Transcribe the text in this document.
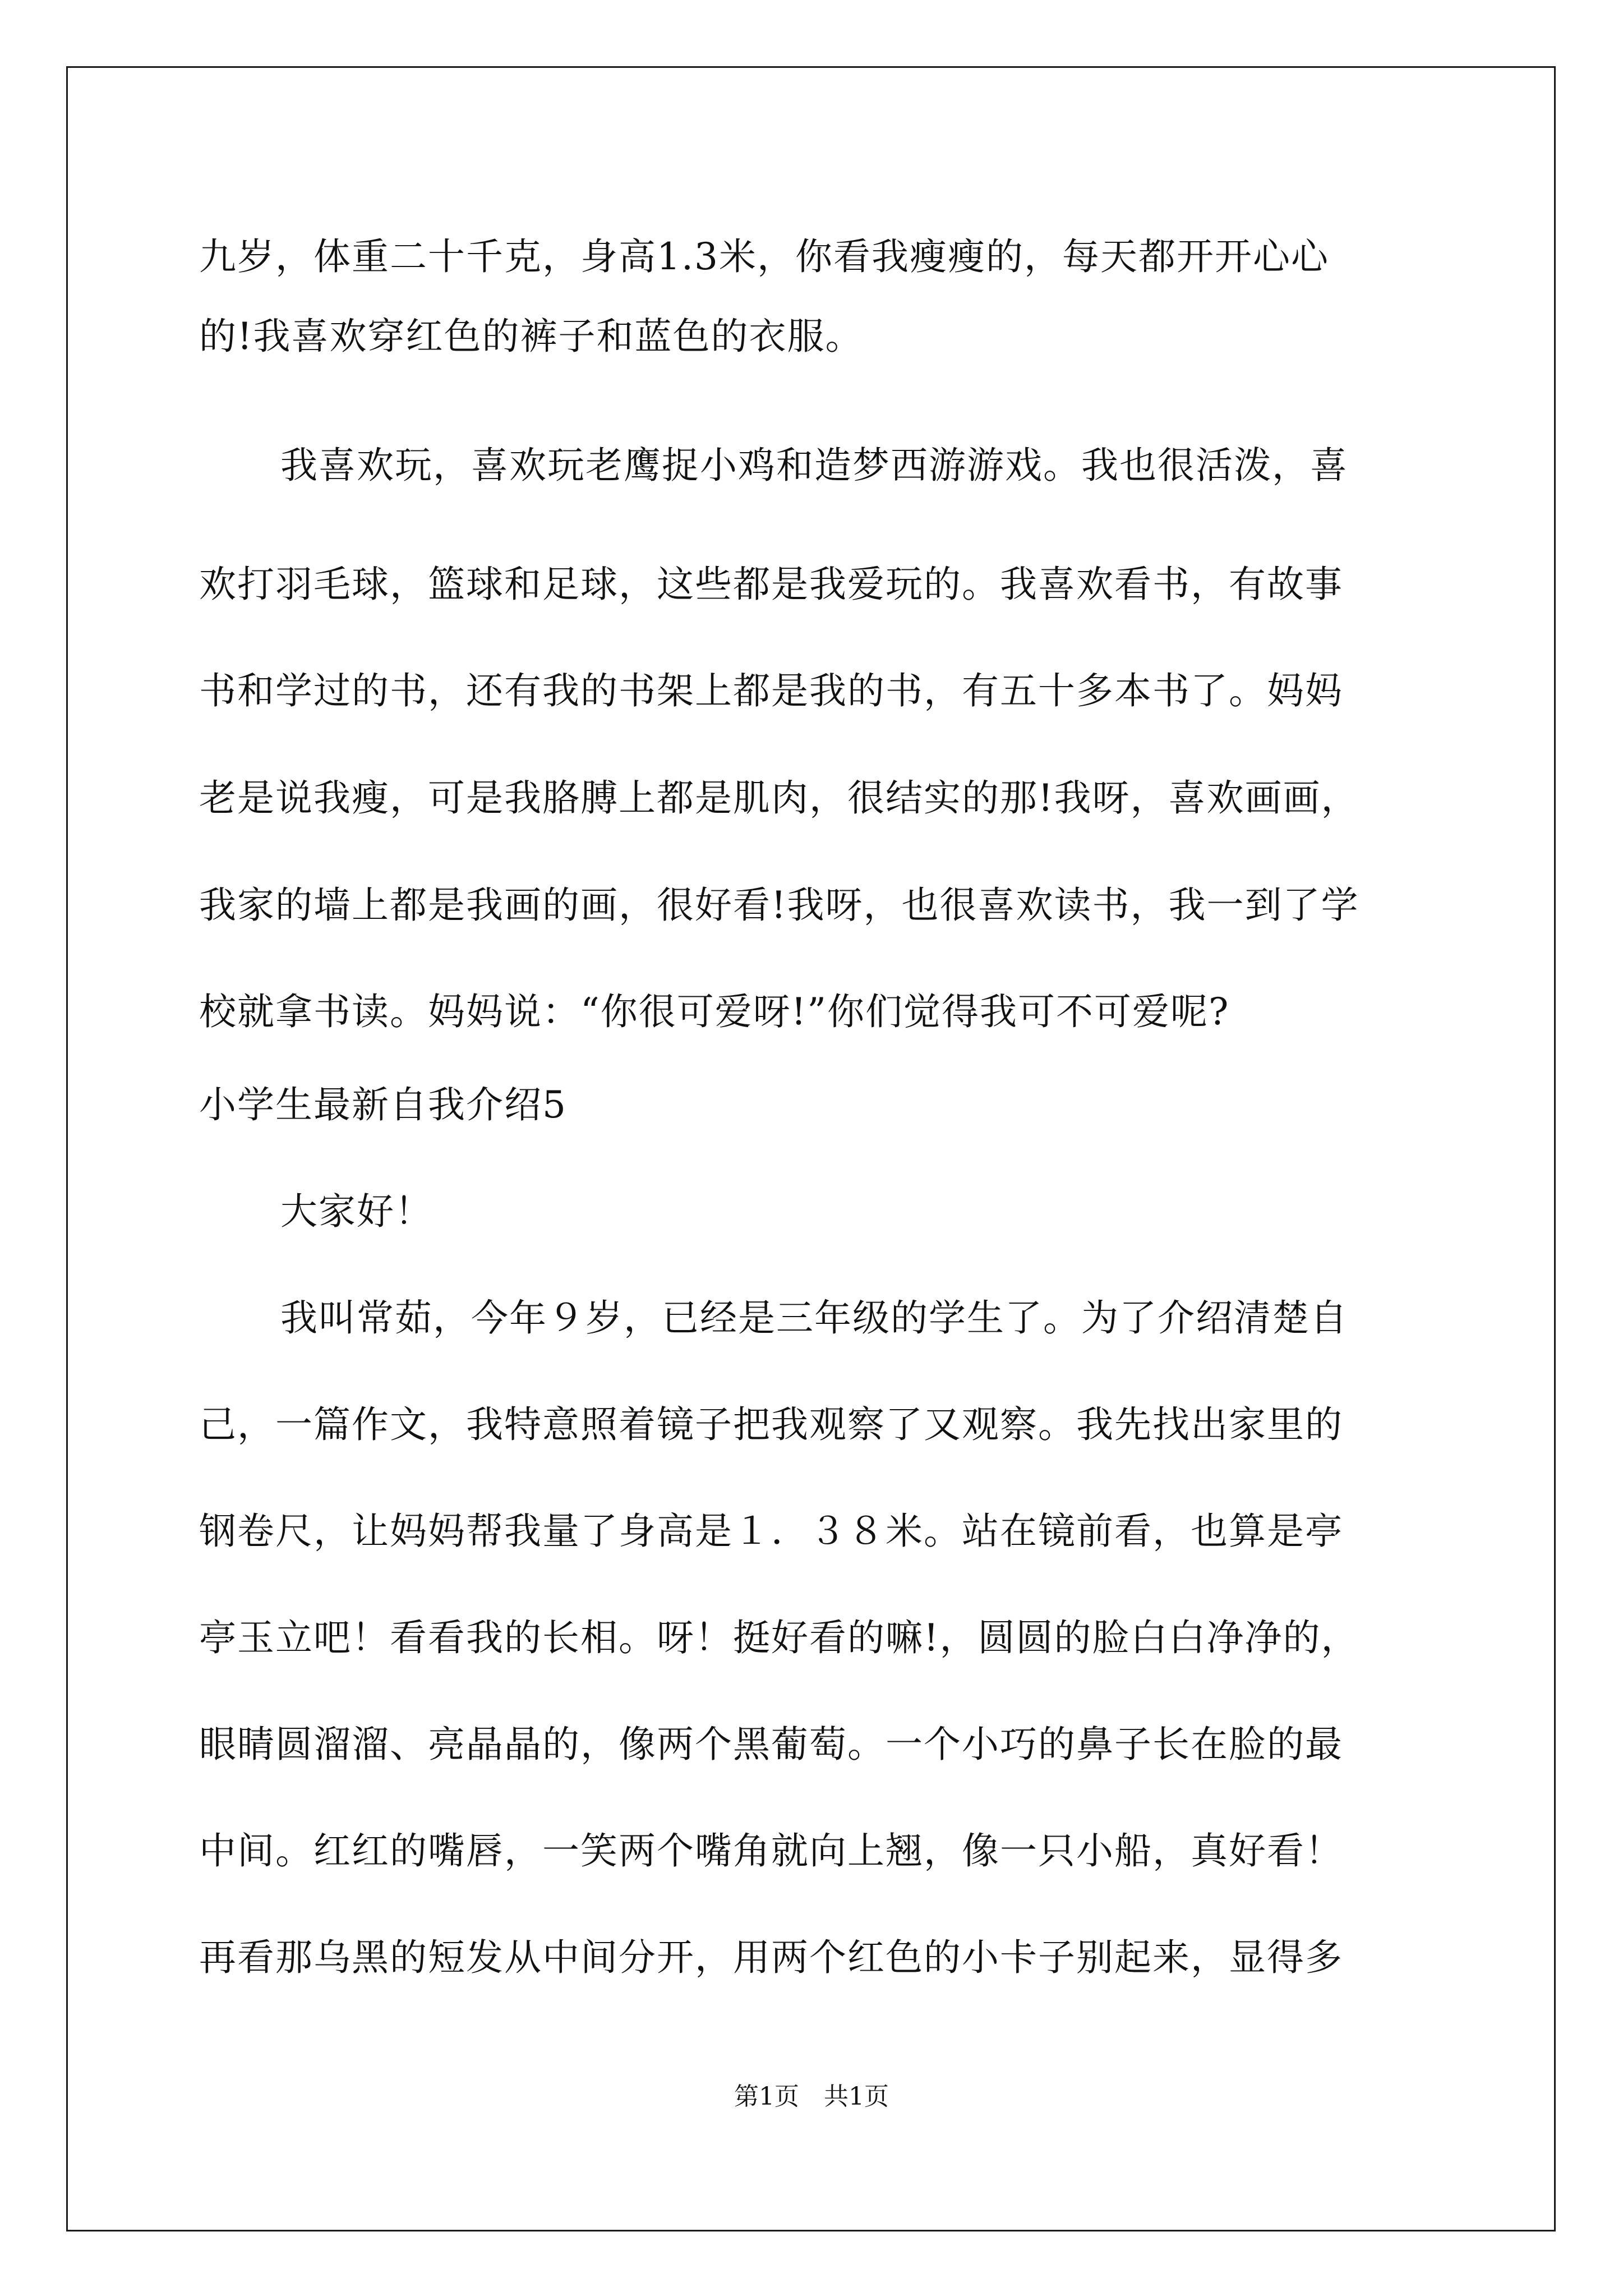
九岁，体重二十千克，身高1.3米，你看我瘦瘦的，每天都开开心心
的!我喜欢穿红色的裤子和蓝色的衣服。
我喜欢玩，喜欢玩老鹰捉小鸡和造梦西游游戏。我也很活泼，喜
欢打羽毛球，篮球和足球，这些都是我爱玩的。我喜欢看书，有故事
书和学过的书，还有我的书架上都是我的书，有五十多本书了。妈妈
老是说我瘦，可是我胳膊上都是肌肉，很结实的那!我呀，喜欢画画，
我家的墙上都是我画的画，很好看!我呀，也很喜欢读书，我一到了学
校就拿书读。妈妈说：“你很可爱呀!”你们觉得我可不可爱呢?
小学生最新自我介绍5
大家好！
我叫常茹，今年９岁，已经是三年级的学生了。为了介绍清楚自
己，一篇作文，我特意照着镜子把我观察了又观察。我先找出家里的
钢卷尺，让妈妈帮我量了身高是１．３８米。站在镜前看，也算是亭
亭玉立吧！看看我的长相。呀！挺好看的嘛!，圆圆的脸白白净净的，
眼睛圆溜溜、亮晶晶的，像两个黑葡萄。一个小巧的鼻子长在脸的最
中间。红红的嘴唇，一笑两个嘴角就向上翘，像一只小船，真好看！
再看那乌黑的短发从中间分开，用两个红色的小卡子别起来，显得多
第1页　共1页
